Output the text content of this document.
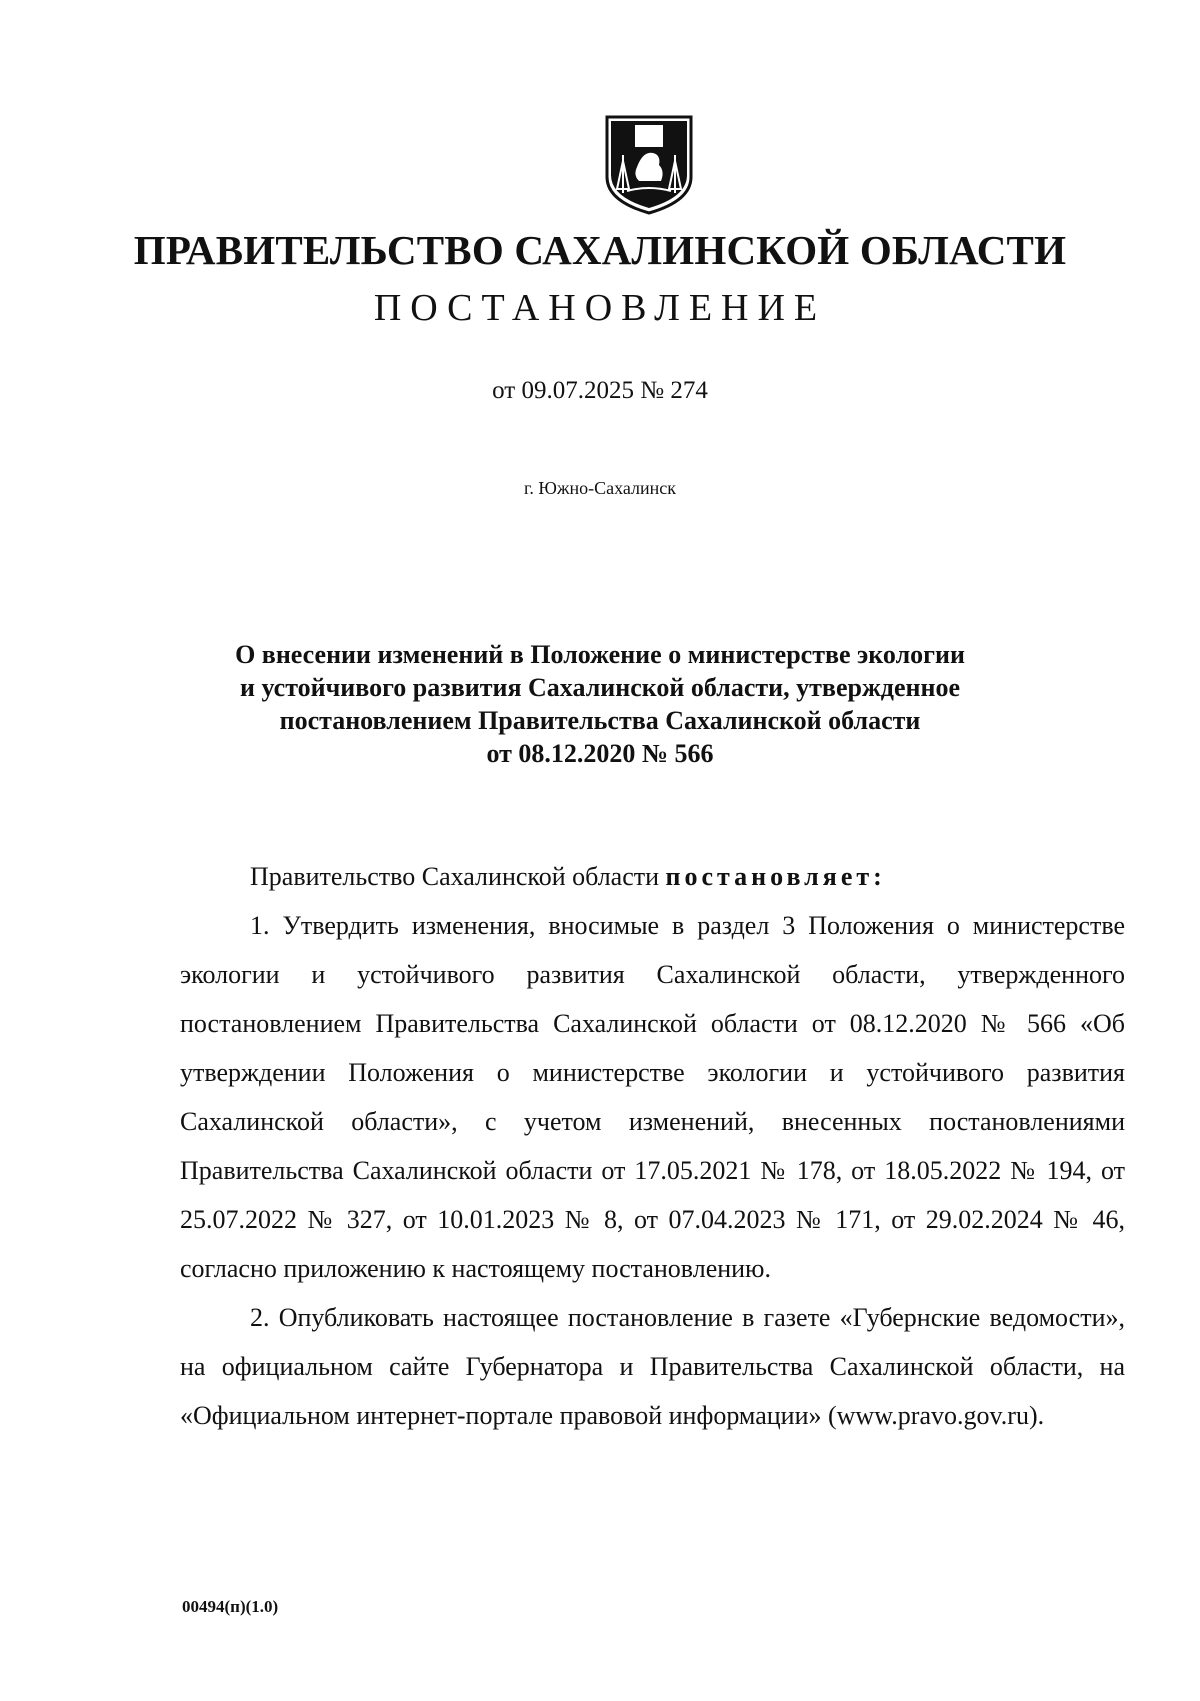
ПРАВИТЕЛЬСТВО САХАЛИНСКОЙ ОБЛАСТИ
ПОСТАНОВЛЕНИЕ
от 09.07.2025 № 274
г. Южно-Сахалинск
О внесении изменений в Положение о министерстве экологии
и устойчивого развития Сахалинской области, утвержденное
постановлением Правительства Сахалинской области
от 08.12.2020 № 566

Правительство Сахалинской области постановляет:

1. Утвердить изменения, вносимые в раздел 3 Положения о министерстве экологии и устойчивого развития Сахалинской области, утвержденного постановлением Правительства Сахалинской области от 08.12.2020 № 566 «Об утверждении Положения о министерстве экологии и устойчивого развития Сахалинской области», с учетом изменений, внесенных постановлениями Правительства Сахалинской области от 17.05.2021 № 178, от 18.05.2022 № 194, от 25.07.2022 № 327, от 10.01.2023 № 8, от 07.04.2023 № 171, от 29.02.2024 № 46, согласно приложению к настоящему постановлению.

2. Опубликовать настоящее постановление в газете «Губернские ведомости», на официальном сайте Губернатора и Правительства Сахалинской области, на «Официальном интернет-портале правовой информации» (www.pravo.gov.ru).

00494(п)(1.0)
